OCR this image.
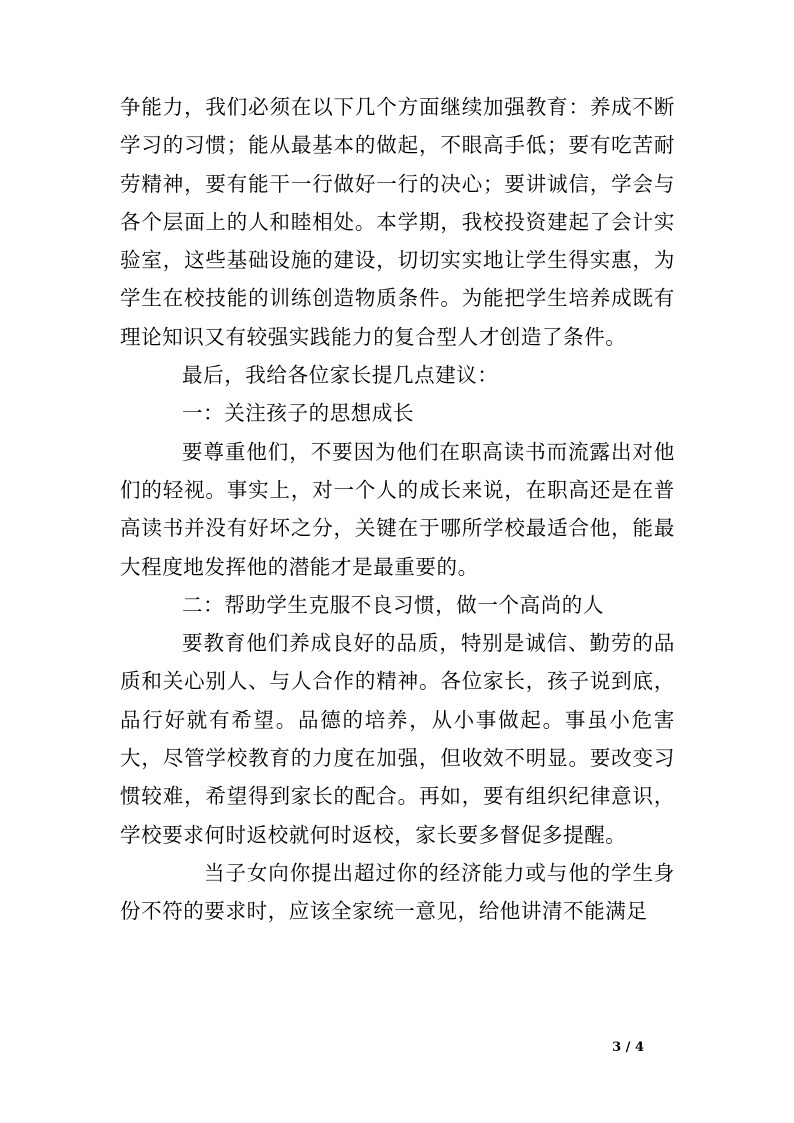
争能力，我们必须在以下几个方面继续加强教育：养成不断学习的习惯；能从最基本的做起，不眼高手低；要有吃苦耐劳精神，要有能干一行做好一行的决心；要讲诚信，学会与各个层面上的人和睦相处。本学期，我校投资建起了会计实验室，这些基础设施的建设，切切实实地让学生得实惠，为学生在校技能的训练创造物质条件。为能把学生培养成既有理论知识又有较强实践能力的复合型人才创造了条件。

最后，我给各位家长提几点建议：

一：关注孩子的思想成长

要尊重他们，不要因为他们在职高读书而流露出对他们的轻视。事实上，对一个人的成长来说，在职高还是在普高读书并没有好坏之分，关键在于哪所学校最适合他，能最大程度地发挥他的潜能才是最重要的。

二：帮助学生克服不良习惯，做一个高尚的人

要教育他们养成良好的品质，特别是诚信、勤劳的品质和关心别人、与人合作的精神。各位家长，孩子说到底，品行好就有希望。品德的培养，从小事做起。事虽小危害大，尽管学校教育的力度在加强，但收效不明显。要改变习惯较难，希望得到家长的配合。再如，要有组织纪律意识，学校要求何时返校就何时返校，家长要多督促多提醒。

当子女向你提出超过你的经济能力或与他的学生身份不符的要求时，应该全家统一意见，给他讲清不能满足

3 / 4
